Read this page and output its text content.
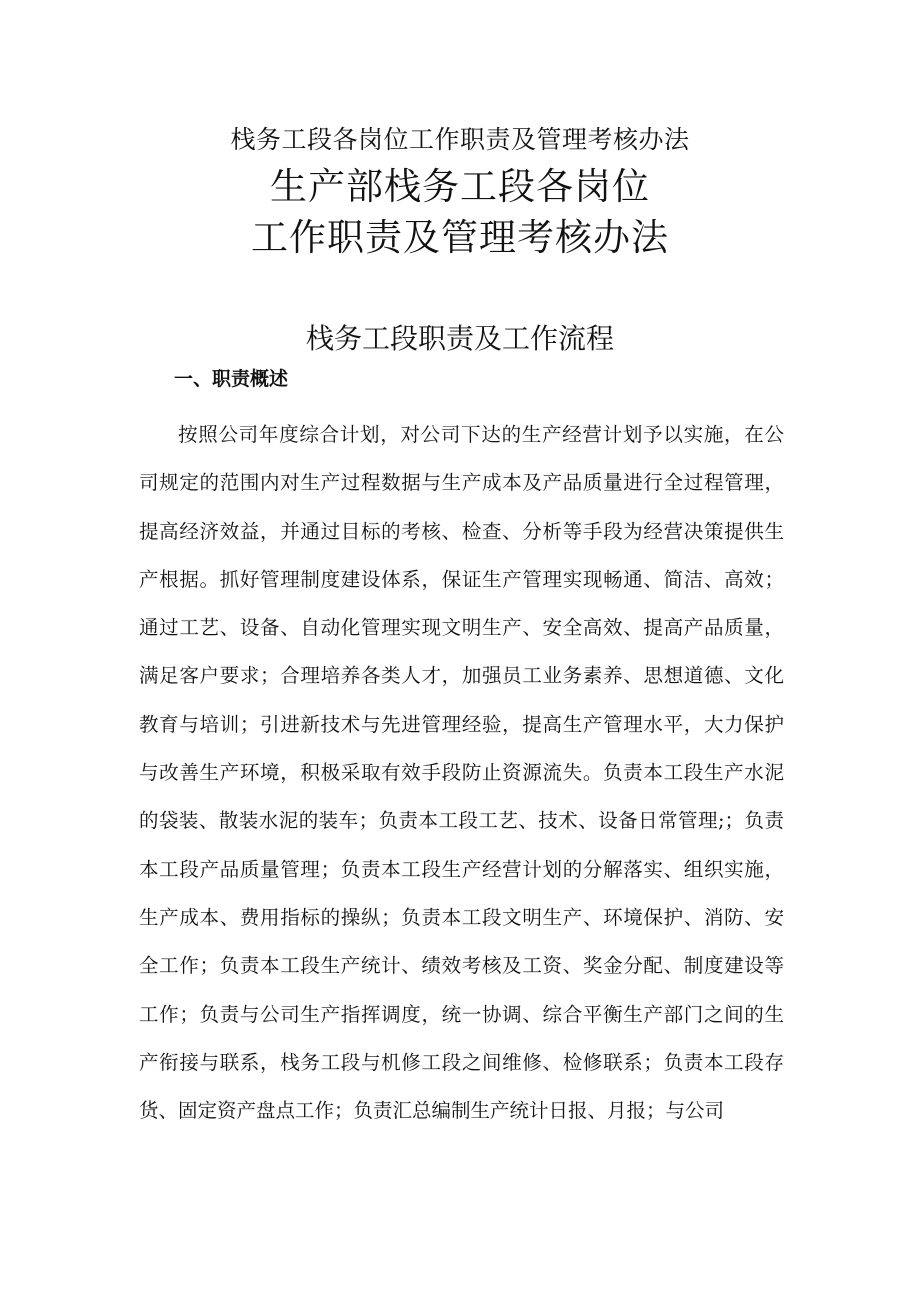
栈务工段各岗位工作职责及管理考核办法
生产部栈务工段各岗位
工作职责及管理考核办法
栈务工段职责及工作流程
一、职责概述
按照公司年度综合计划，对公司下达的生产经营计划予以实施，在公
司规定的范围内对生产过程数据与生产成本及产品质量进行全过程管理，
提高经济效益，并通过目标的考核、检查、分析等手段为经营决策提供生
产根据。抓好管理制度建设体系，保证生产管理实现畅通、简洁、高效；
通过工艺、设备、自动化管理实现文明生产、安全高效、提高产品质量，
满足客户要求；合理培养各类人才，加强员工业务素养、思想道德、文化
教育与培训；引进新技术与先进管理经验，提高生产管理水平，大力保护
与改善生产环境，积极采取有效手段防止资源流失。负责本工段生产水泥
的袋装、散装水泥的装车；负责本工段工艺、技术、设备日常管理;；负责
本工段产品质量管理；负责本工段生产经营计划的分解落实、组织实施，
生产成本、费用指标的操纵；负责本工段文明生产、环境保护、消防、安
全工作；负责本工段生产统计、绩效考核及工资、奖金分配、制度建设等
工作；负责与公司生产指挥调度，统一协调、综合平衡生产部门之间的生
产衔接与联系，栈务工段与机修工段之间维修、检修联系；负责本工段存
货、固定资产盘点工作；负责汇总编制生产统计日报、月报；与公司
